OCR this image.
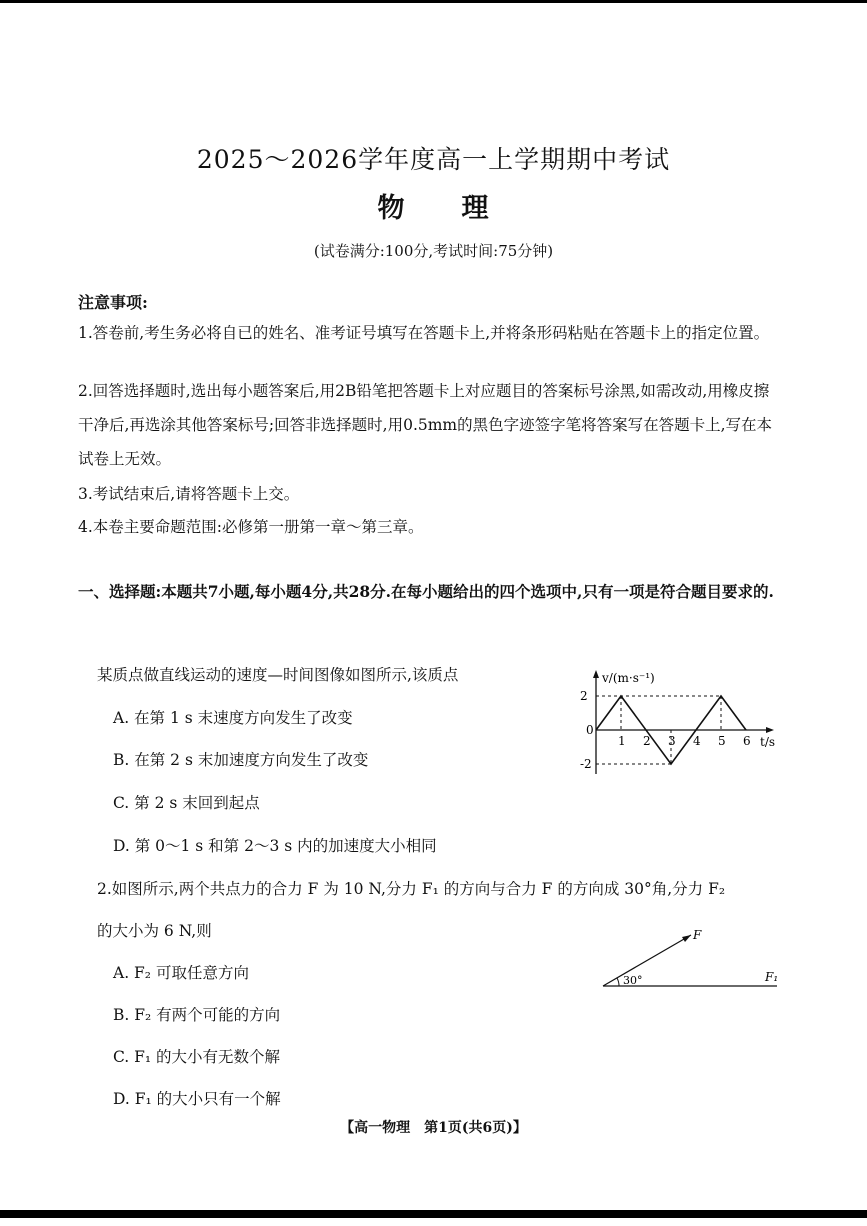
2025～2026学年度高一上学期期中考试
物 理
(试卷满分:100分,考试时间:75分钟)
注意事项:
1.答卷前,考生务必将自已的姓名、准考证号填写在答题卡上,并将条形码粘贴在答题卡上的指定位置。
2.回答选择题时,选出每小题答案后,用2B铅笔把答题卡上对应题目的答案标号涂黑,如需改动,用橡皮擦干净后,再选涂其他答案标号;回答非选择题时,用0.5mm的黑色字迹签字笔将答案写在答题卡上,写在本试卷上无效。
3.考试结束后,请将答题卡上交。
4.本卷主要命题范围:必修第一册第一章～第三章。
一、选择题:本题共7小题,每小题4分,共28分.在每小题给出的四个选项中,只有一项是符合题目要求的.
某质点做直线运动的速度—时间图像如图所示,该质点
A. 在第 1 s 末速度方向发生了改变
B. 在第 2 s 末加速度方向发生了改变
C. 第 2 s 末回到起点
D. 第 0～1 s 和第 2～3 s 内的加速度大小相同
v/(m·s⁻¹)
t/s
0
2
-2
1 2 3 4 5 6
2.如图所示,两个共点力的合力 F 为 10 N,分力 F₁ 的方向与合力 F 的方向成 30°角,分力 F₂
的大小为 6 N,则
A. F₂ 可取任意方向
B. F₂ 有两个可能的方向
C. F₁ 的大小有无数个解
D. F₁ 的大小只有一个解
30°
F
F₁
【高一物理　第1页(共6页)】
